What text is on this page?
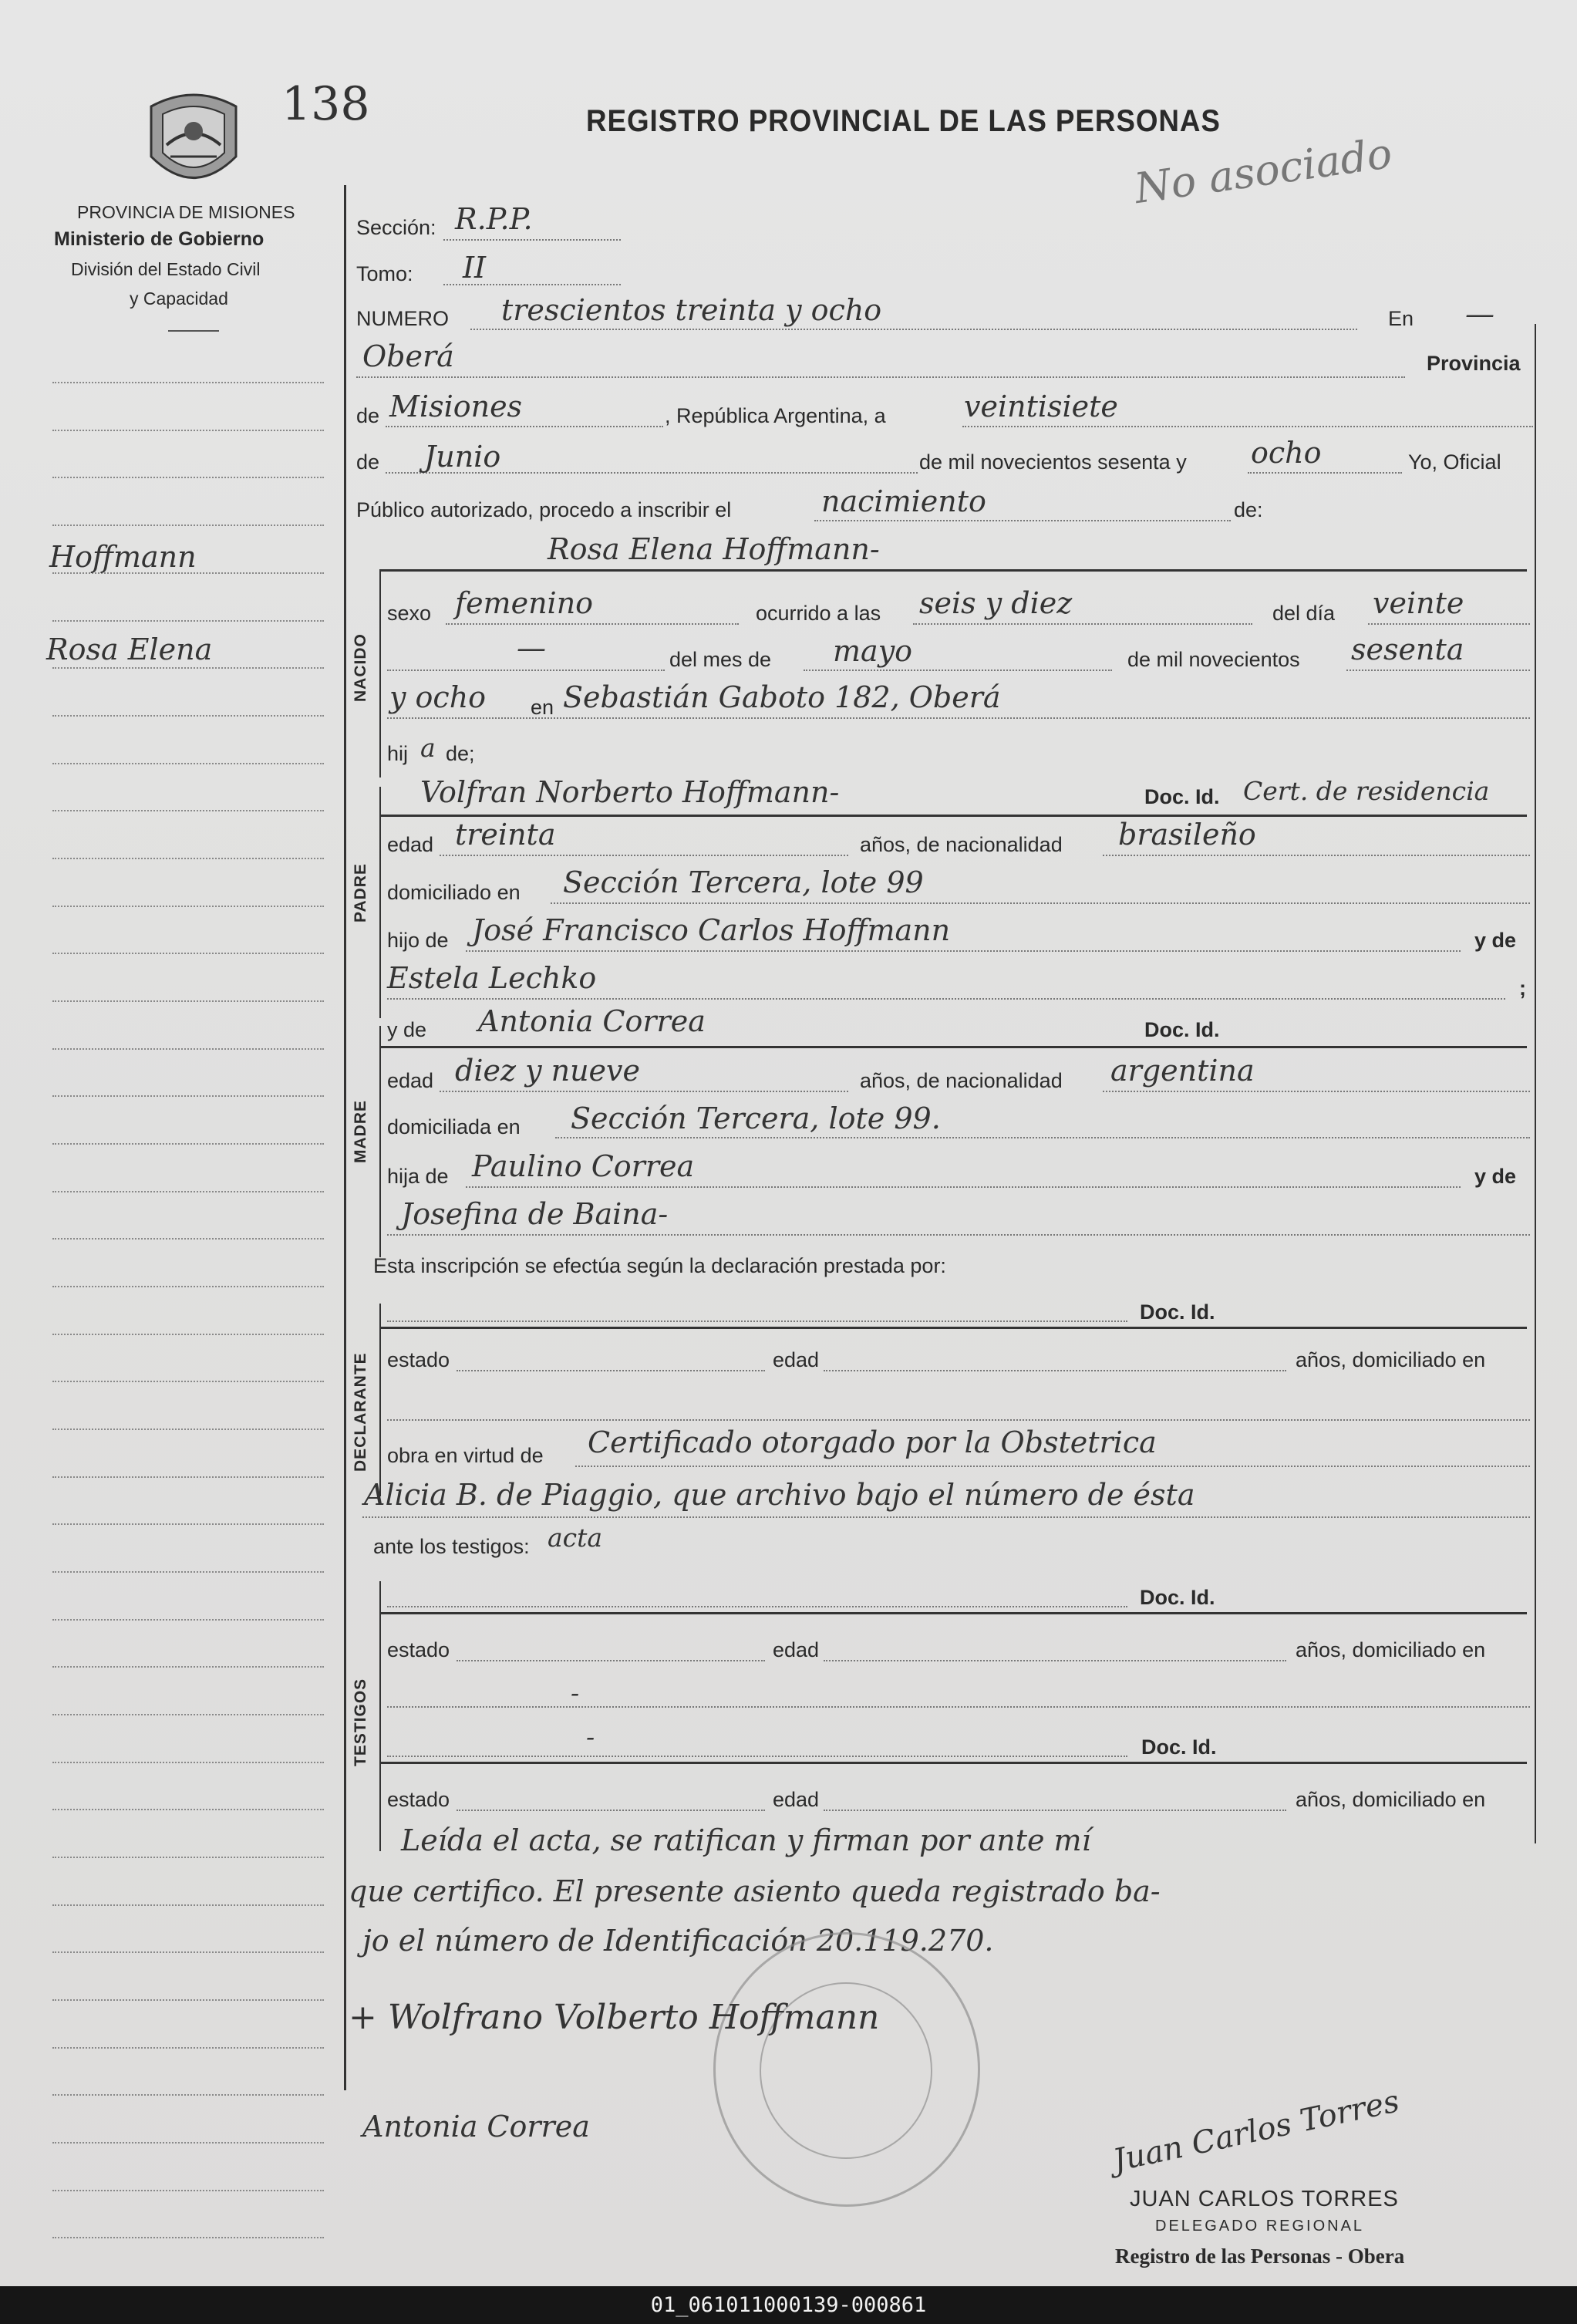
138	REGISTRO PROVINCIAL DE LAS PERSONAS
No asociado
PROVINCIA DE MISIONES
Ministerio de Gobierno
División del Estado Civil
y Capacidad
Hoffmann
Rosa Elena
Sección: R.P.P.
Tomo: II
NUMERO trescientos treinta y ocho	En —
Oberá	Provincia
de Misiones	, República Argentina, a	veintisiete
de Junio	de mil novecientos sesenta y ocho	Yo, Oficial
Público autorizado, procedo a inscribir el	nacimiento	de:
NACIDO
Rosa Elena Hoffmann-
sexo femenino	ocurrido a las seis y diez	del día veinte
—	del mes de mayo	de mil novecientos sesenta
y ocho en Sebastián Gaboto 182, Oberá
hij a de;
PADRE
Volfran Norberto Hoffmann-	Doc. Id. Cert. de residencia
edad treinta	años, de nacionalidad brasileño
domiciliado en Sección Tercera, lote 99
hijo de José Francisco Carlos Hoffmann	y de
Estela Lechko	;
y de Antonia Correa	Doc. Id.
MADRE
edad diez y nueve	años, de nacionalidad argentina
domiciliada en Sección Tercera, lote 99.
hija de Paulino Correa	y de
Josefina de Baina-
Esta inscripción se efectúa según la declaración prestada por:
DECLARANTE
Doc. Id.
estado	edad	años, domiciliado en
obra en virtud de Certificado otorgado por la Obstetrica
Alicia B. de Piaggio, que archivo bajo el número de ésta
ante los testigos: acta
TESTIGOS
Doc. Id.
estado	edad	años, domiciliado en
-
-	Doc. Id.
estado	edad	años, domiciliado en
Leída el acta, se ratifican y firman por ante mí
que certifico. El presente asiento queda registrado ba-
jo el número de Identificación 20.119.270.
+ Wolfrano Volberto Hoffmann
Antonia Correa	Juan Carlos Torres
JUAN CARLOS TORRES
DELEGADO REGIONAL
Registro de las Personas - Obera
01_061011000139-000861
